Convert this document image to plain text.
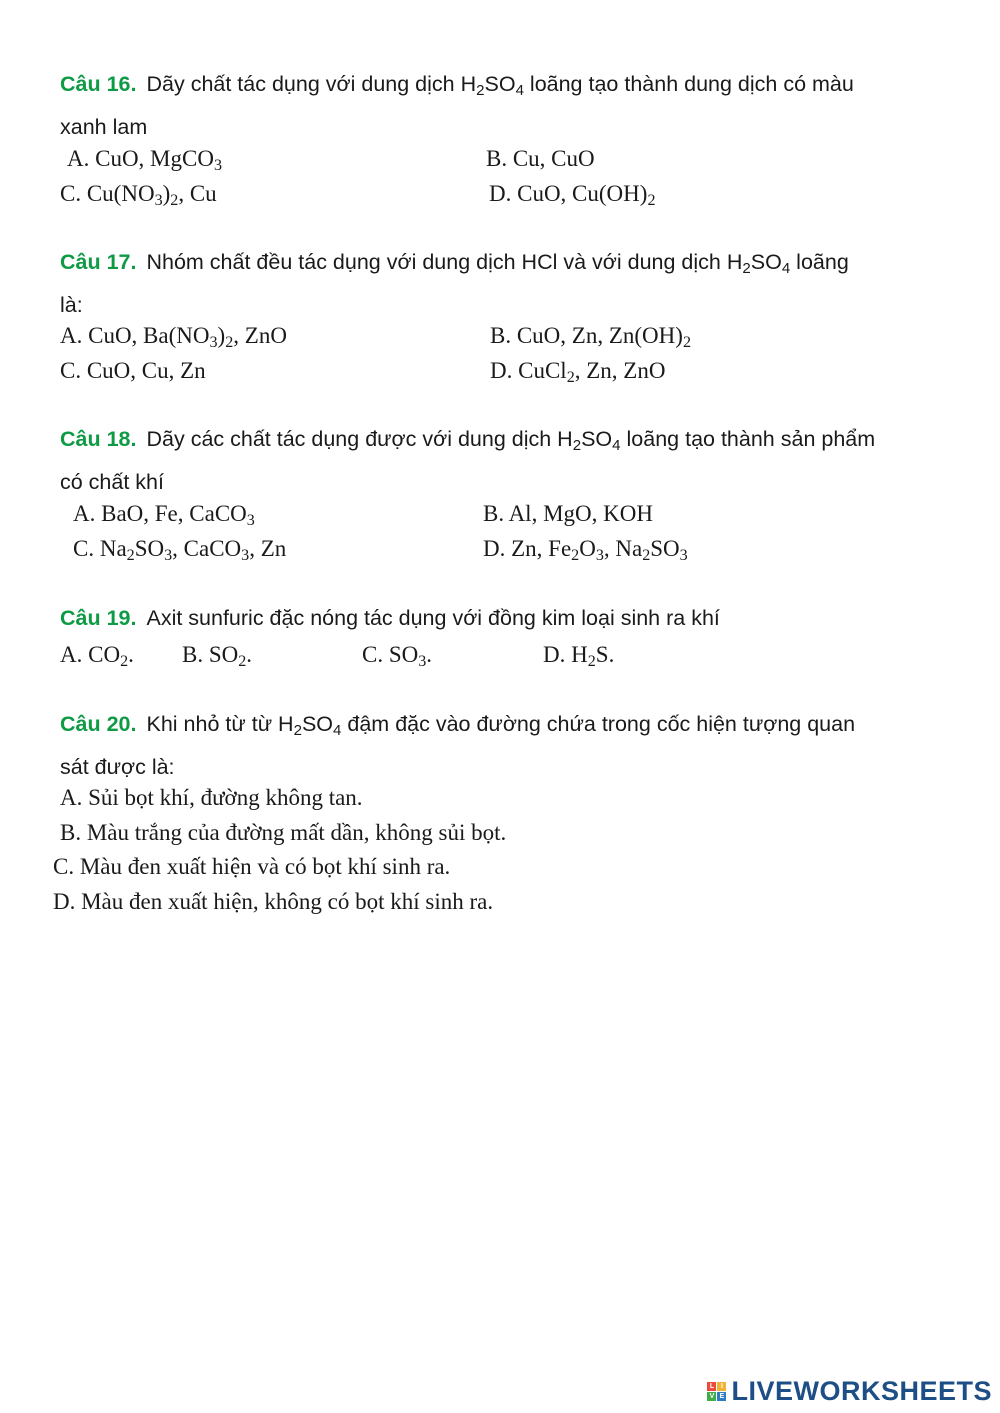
Câu 16. Dãy chất tác dụng với dung dịch $H_2SO_4$ loãng tạo thành dung dịch có màu
xanh lam
A. CuO, MgCO$_3$	B. Cu, CuO
C. $Cu(NO_3)_2$, Cu	D. CuO, $Cu(OH)_2$
Câu 17. Nhóm chất đều tác dụng với dung dịch HCl và với dung dịch $H_2SO_4$ loãng
là:
A. CuO, $Ba(NO_3)_2$, ZnO	B. CuO, Zn, $Zn(OH)_2$
C. CuO, Cu, Zn	D. CuCl$_2$, Zn, ZnO
Câu 18. Dãy các chất tác dụng được với dung dịch $H_2SO_4$ loãng tạo thành sản phẩm
có chất khí
A. BaO, Fe, CaCO$_3$	B. Al, MgO, KOH
C. $Na_2SO_3$, CaCO$_3$, Zn	D. Zn, $Fe_2O_3$, $Na_2SO_3$
Câu 19. Axit sunfuric đặc nóng tác dụng với đồng kim loại sinh ra khí
A. $CO_2$. B. $SO_2$.	C. $SO_3$.	D. $H_2S$.
Câu 20. Khi nhỏ từ từ $H_2SO_4$ đậm đặc vào đường chứa trong cốc hiện tượng quan
sát được là:
A. Sủi bọt khí, đường không tan.
B. Màu trắng của đường mất dần, không sủi bọt.
C. Màu đen xuất hiện và có bọt khí sinh ra.
D. Màu đen xuất hiện, không có bọt khí sinh ra.
L I
V E LIVEWORKSHEETS
